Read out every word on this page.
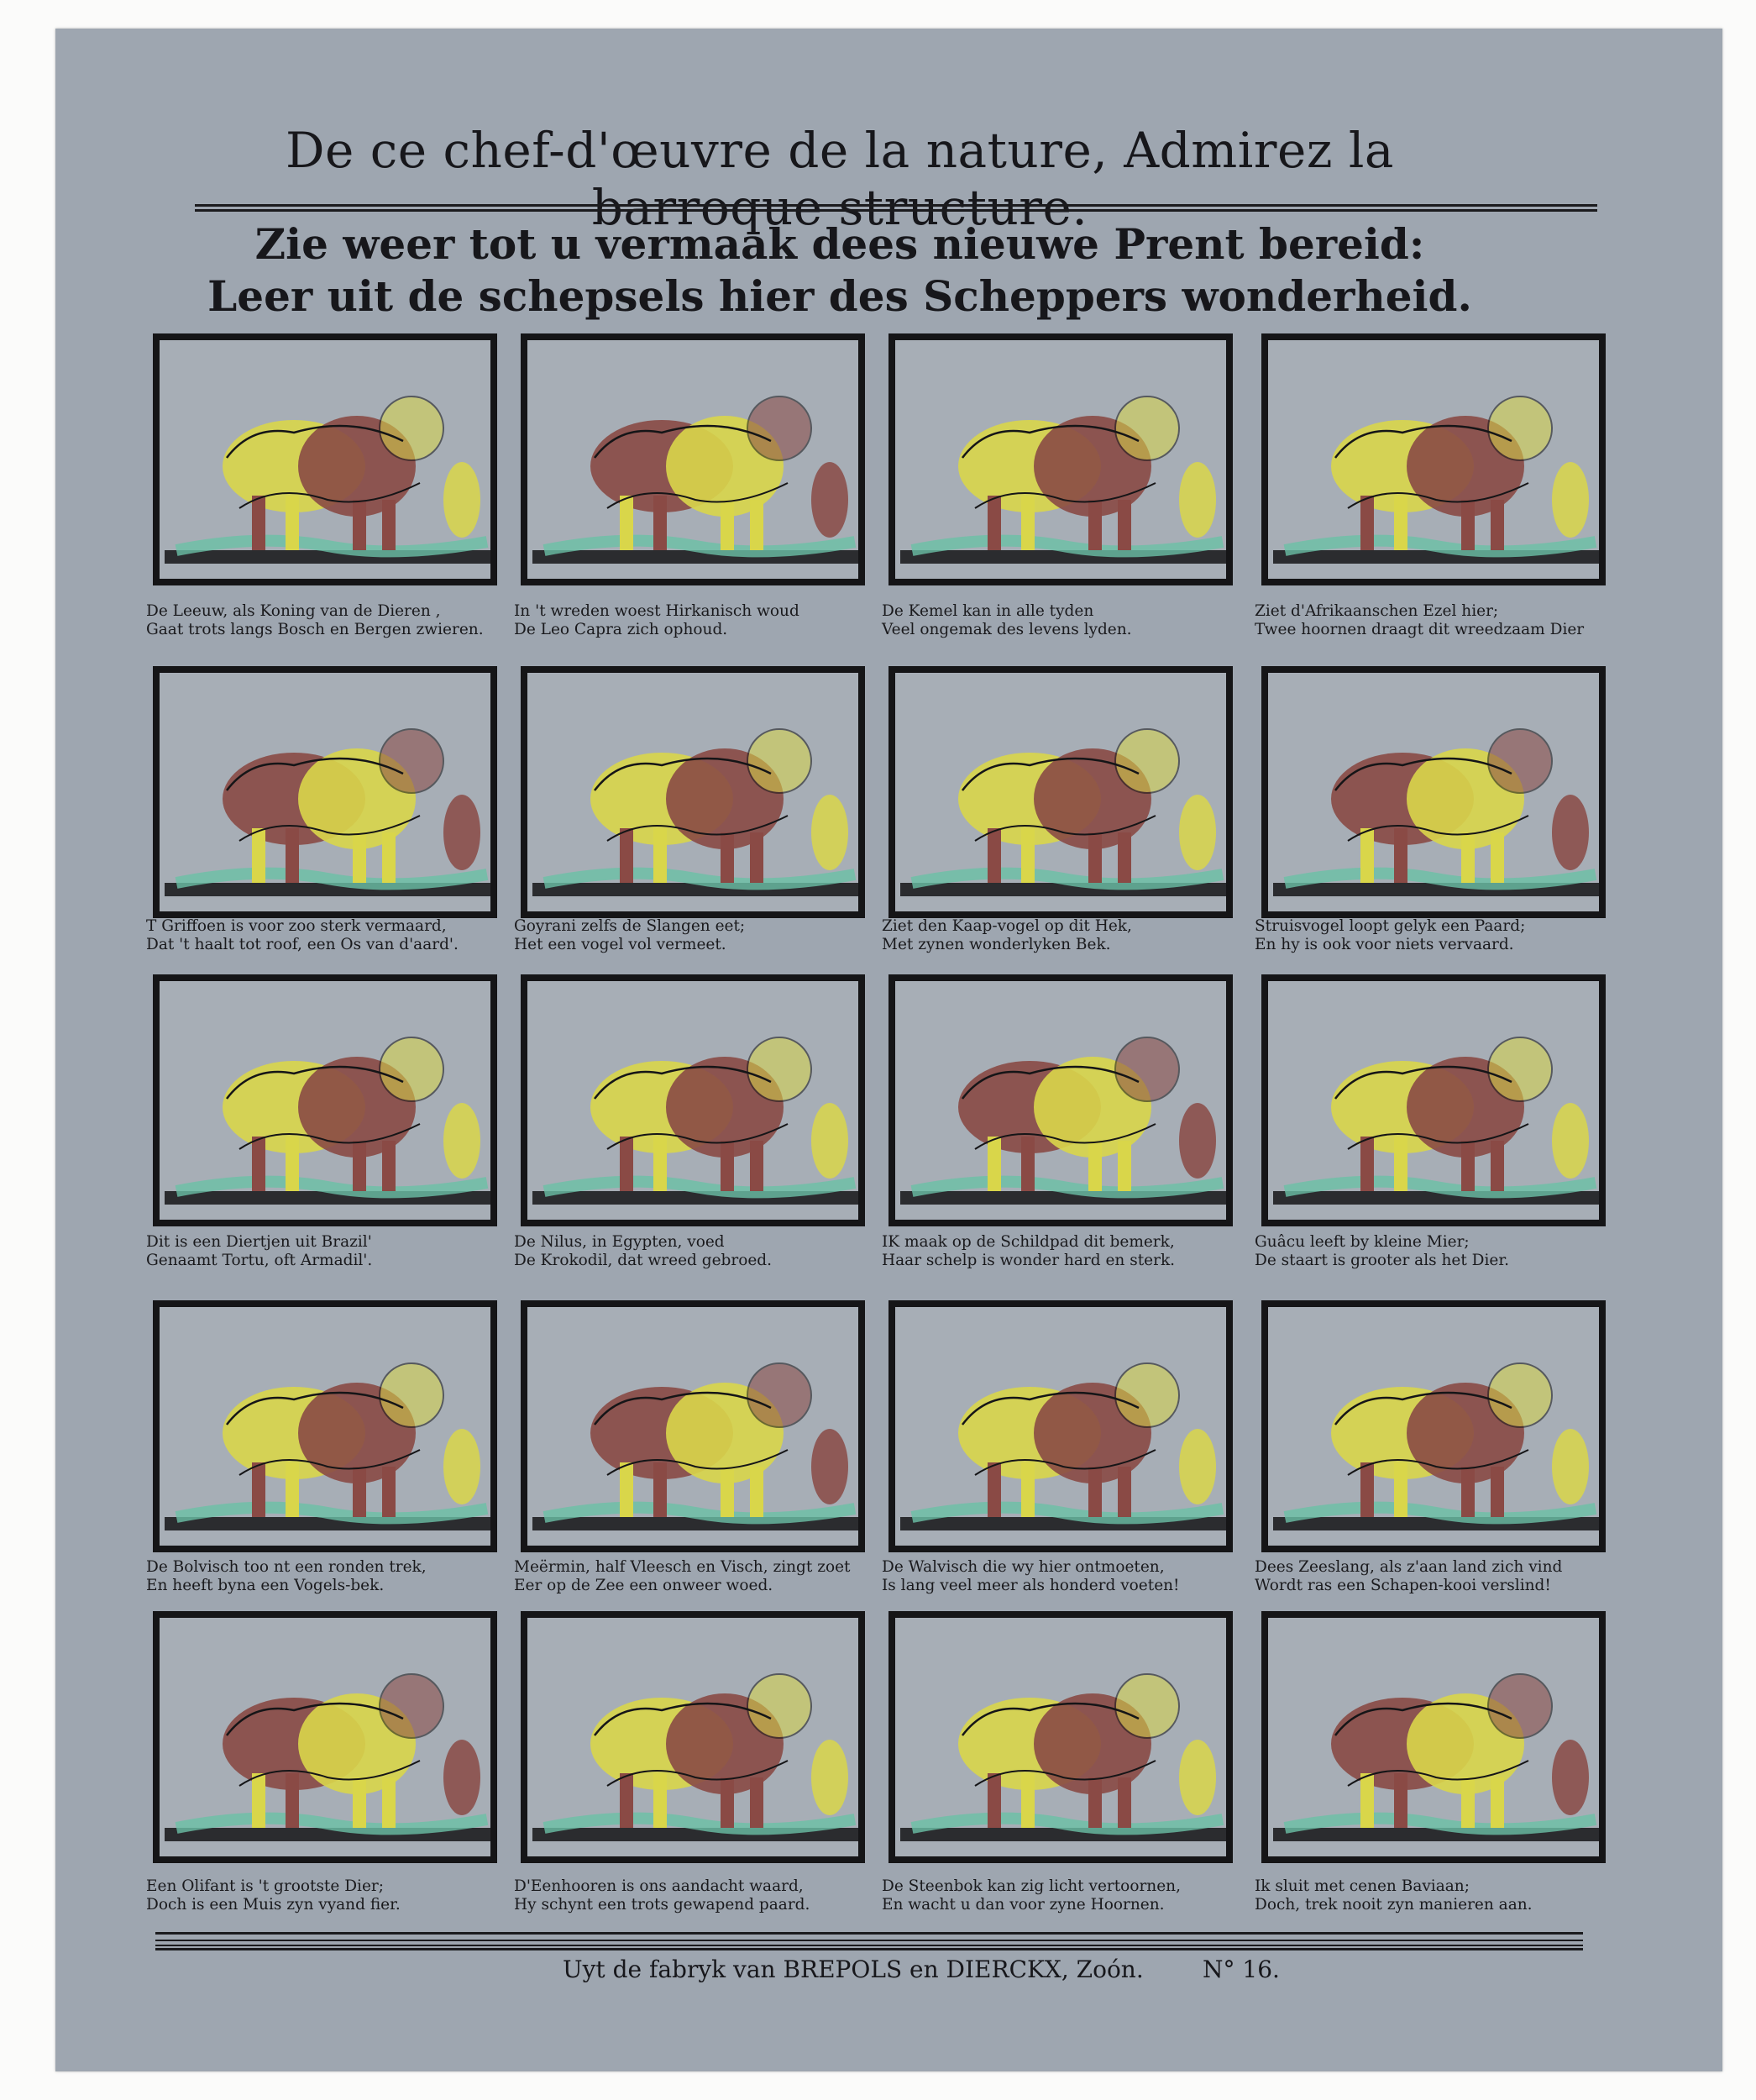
De ce chef-d'œuvre de la nature, Admirez la barroque structure.
Zie weer tot u vermaak dees nieuwe Prent bereid:
Leer uit de schepsels hier des Scheppers wonderheid.
De Leeuw, als Koning van de Dieren ,
Gaat trots langs Bosch en Bergen zwieren.
In 't wreden woest Hirkanisch woud
De Leo Capra zich ophoud.
De Kemel kan in alle tyden
Veel ongemak des levens lyden.
Ziet d'Afrikaanschen Ezel hier;
Twee hoornen draagt dit wreedzaam Dier
T Griffoen is voor zoo sterk vermaard,
Dat 't haalt tot roof, een Os van d'aard'.
Goyrani zelfs de Slangen eet;
Het een vogel vol vermeet.
Ziet den Kaap-vogel op dit Hek,
Met zynen wonderlyken Bek.
Struisvogel loopt gelyk een Paard;
En hy is ook voor niets vervaard.
Dit is een Diertjen uit Brazil'
Genaamt Tortu, oft Armadil'.
De Nilus, in Egypten, voed
De Krokodil, dat wreed gebroed.
IK maak op de Schildpad dit bemerk,
Haar schelp is wonder hard en sterk.
Guâcu leeft by kleine Mier;
De staart is grooter als het Dier.
De Bolvisch too nt een ronden trek,
En heeft byna een Vogels-bek.
Meërmin, half Vleesch en Visch, zingt zoet
Eer op de Zee een onweer woed.
De Walvisch die wy hier ontmoeten,
Is lang veel meer als honderd voeten!
Dees Zeeslang, als z'aan land zich vind
Wordt ras een Schapen-kooi verslind!
Een Olifant is 't grootste Dier;
Doch is een Muis zyn vyand fier.
D'Eenhooren is ons aandacht waard,
Hy schynt een trots gewapend paard.
De Steenbok kan zig licht vertoornen,
En wacht u dan voor zyne Hoornen.
Ik sluit met cenen Baviaan;
Doch, trek nooit zyn manieren aan.
Uyt de fabryk van BREPOLS en DIERCKX, Zoón.	N° 16.
